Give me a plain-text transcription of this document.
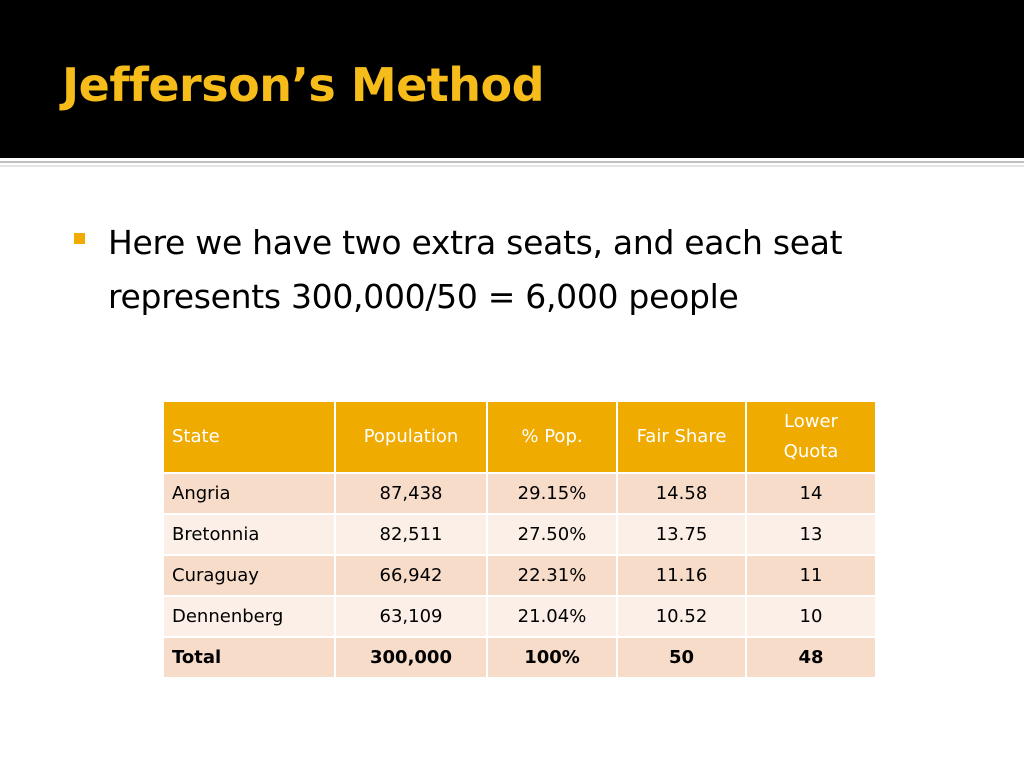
Jefferson’s Method
Here we have two extra seats, and each seat represents 300,000/50 = 6,000 people
State	Population	% Pop.	Fair Share	Lower Quota
Angria	87,438	29.15%	14.58	14
Bretonnia	82,511	27.50%	13.75	13
Curaguay	66,942	22.31%	11.16	11
Dennenberg	63,109	21.04%	10.52	10
Total	300,000	100%	50	48
